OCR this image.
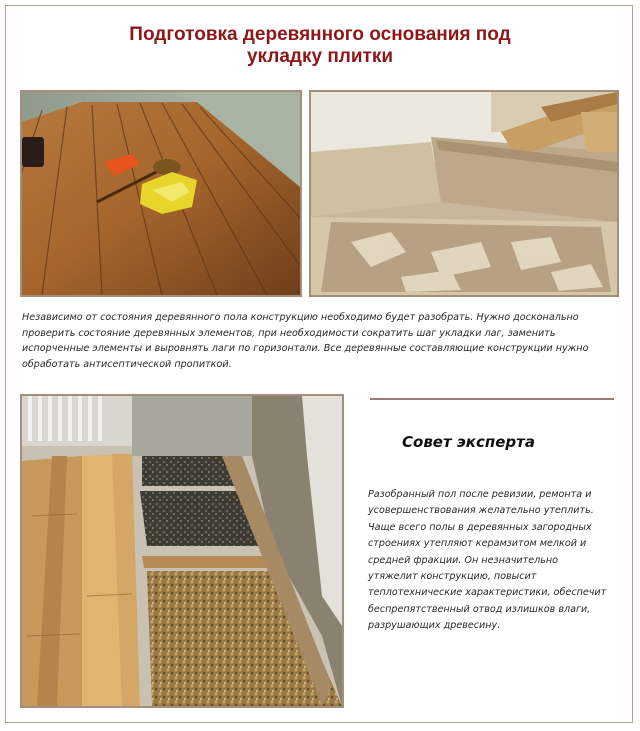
Подготовка деревянного основания под
укладку плитки
Независимо от состояния деревянного пола конструкцию необходимо будет разобрать. Нужно досконально проверить состояние деревянных элементов, при необходимости сократить шаг укладки лаг, заменить испорченные элементы и выровнять лаги по горизонтали. Все деревянные составляющие конструкции нужно обработать антисептической пропиткой.
Совет эксперта
Разобранный пол после ревизии, ремонта и усовершенствования желательно утеплить. Чаще всего полы в деревянных загородных строениях утепляют керамзитом мелкой и средней фракции. Он незначительно утяжелит конструкцию, повысит теплотехнические характеристики, обеспечит беспрепятственный отвод излишков влаги, разрушающих древесину.
